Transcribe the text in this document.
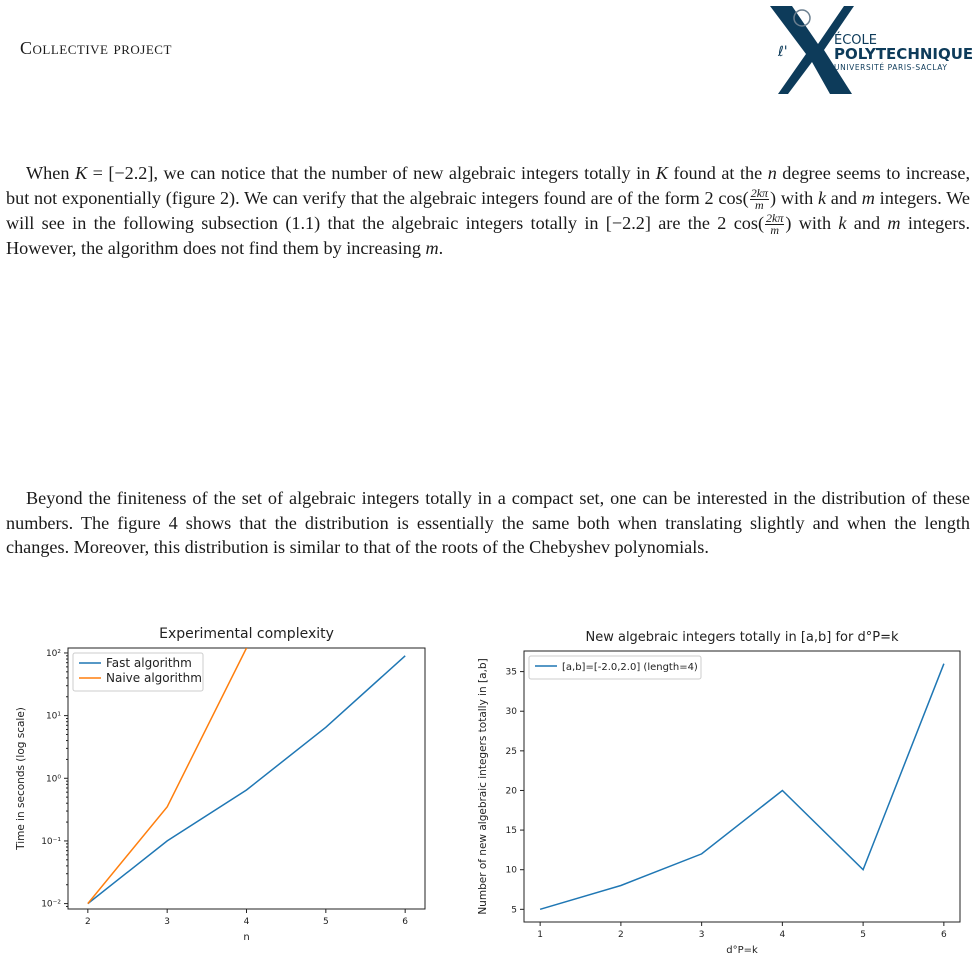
Collective project	ℓ'
ÉCOLE
POLYTECHNIQUE
UNIVERSITÉ PARIS-SACLAY
When K = [−2.2], we can notice that the number of new algebraic integers totally in K found at the n degree seems to increase, but not exponentially (figure 2). We can verify that the algebraic integers found are of the form 2 $\cos( \frac{2k\pi}{m}$ ) with k and m integers. We will see in the following subsection (1.1) that the algebraic integers totally in [−2.2] are the 2 $\cos( \frac{2k\pi}{m}$ ) with k and m integers. However, the algorithm does not find them by increasing m.
Beyond the finiteness of the set of algebraic integers totally in a compact set, one can be interested in the distribution of these numbers. The figure 4 shows that the distribution is essentially the same both when translating slightly and when the length changes. Moreover, this distribution is similar to that of the roots of the Chebyshev polynomials.
Experimental complexity
2	3	4	5	6
10⁻²
10⁻¹
10⁰
10¹
10²
n
Time in seconds (log scale)
Fast algorithm
Naive algorithm
New algebraic integers totally in [a,b] for d°P=k
1	2	3	4	5	6
5
10
15
20
25
30
35
d°P=k
Number of new algebraic integers totally in [a,b]	[a,b]=[-2.0,2.0] (length=4)
